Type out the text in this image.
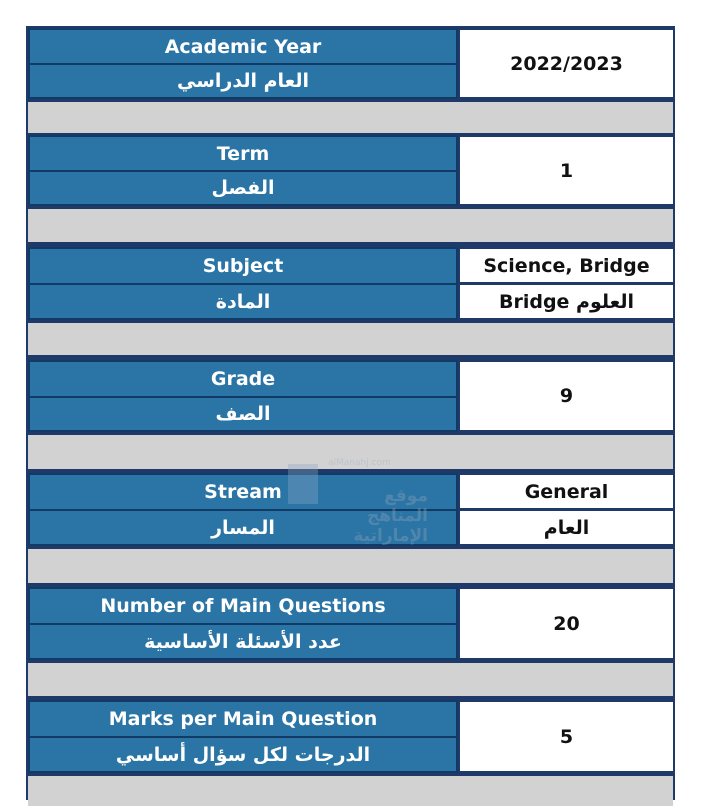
Academic Year
العام الدراسي
2022/2023
Term
الفصل
1
Subject
المادة
Science, Bridge
العلوم Bridge
Grade
الصف
9
Stream
المسار
General
العام
Number of Main Questions
عدد الأسئلة الأساسية
20
Marks per Main Question
الدرجات لكل سؤال أساسي
5
alManahj.com
موقع المناهج الإماراتية
